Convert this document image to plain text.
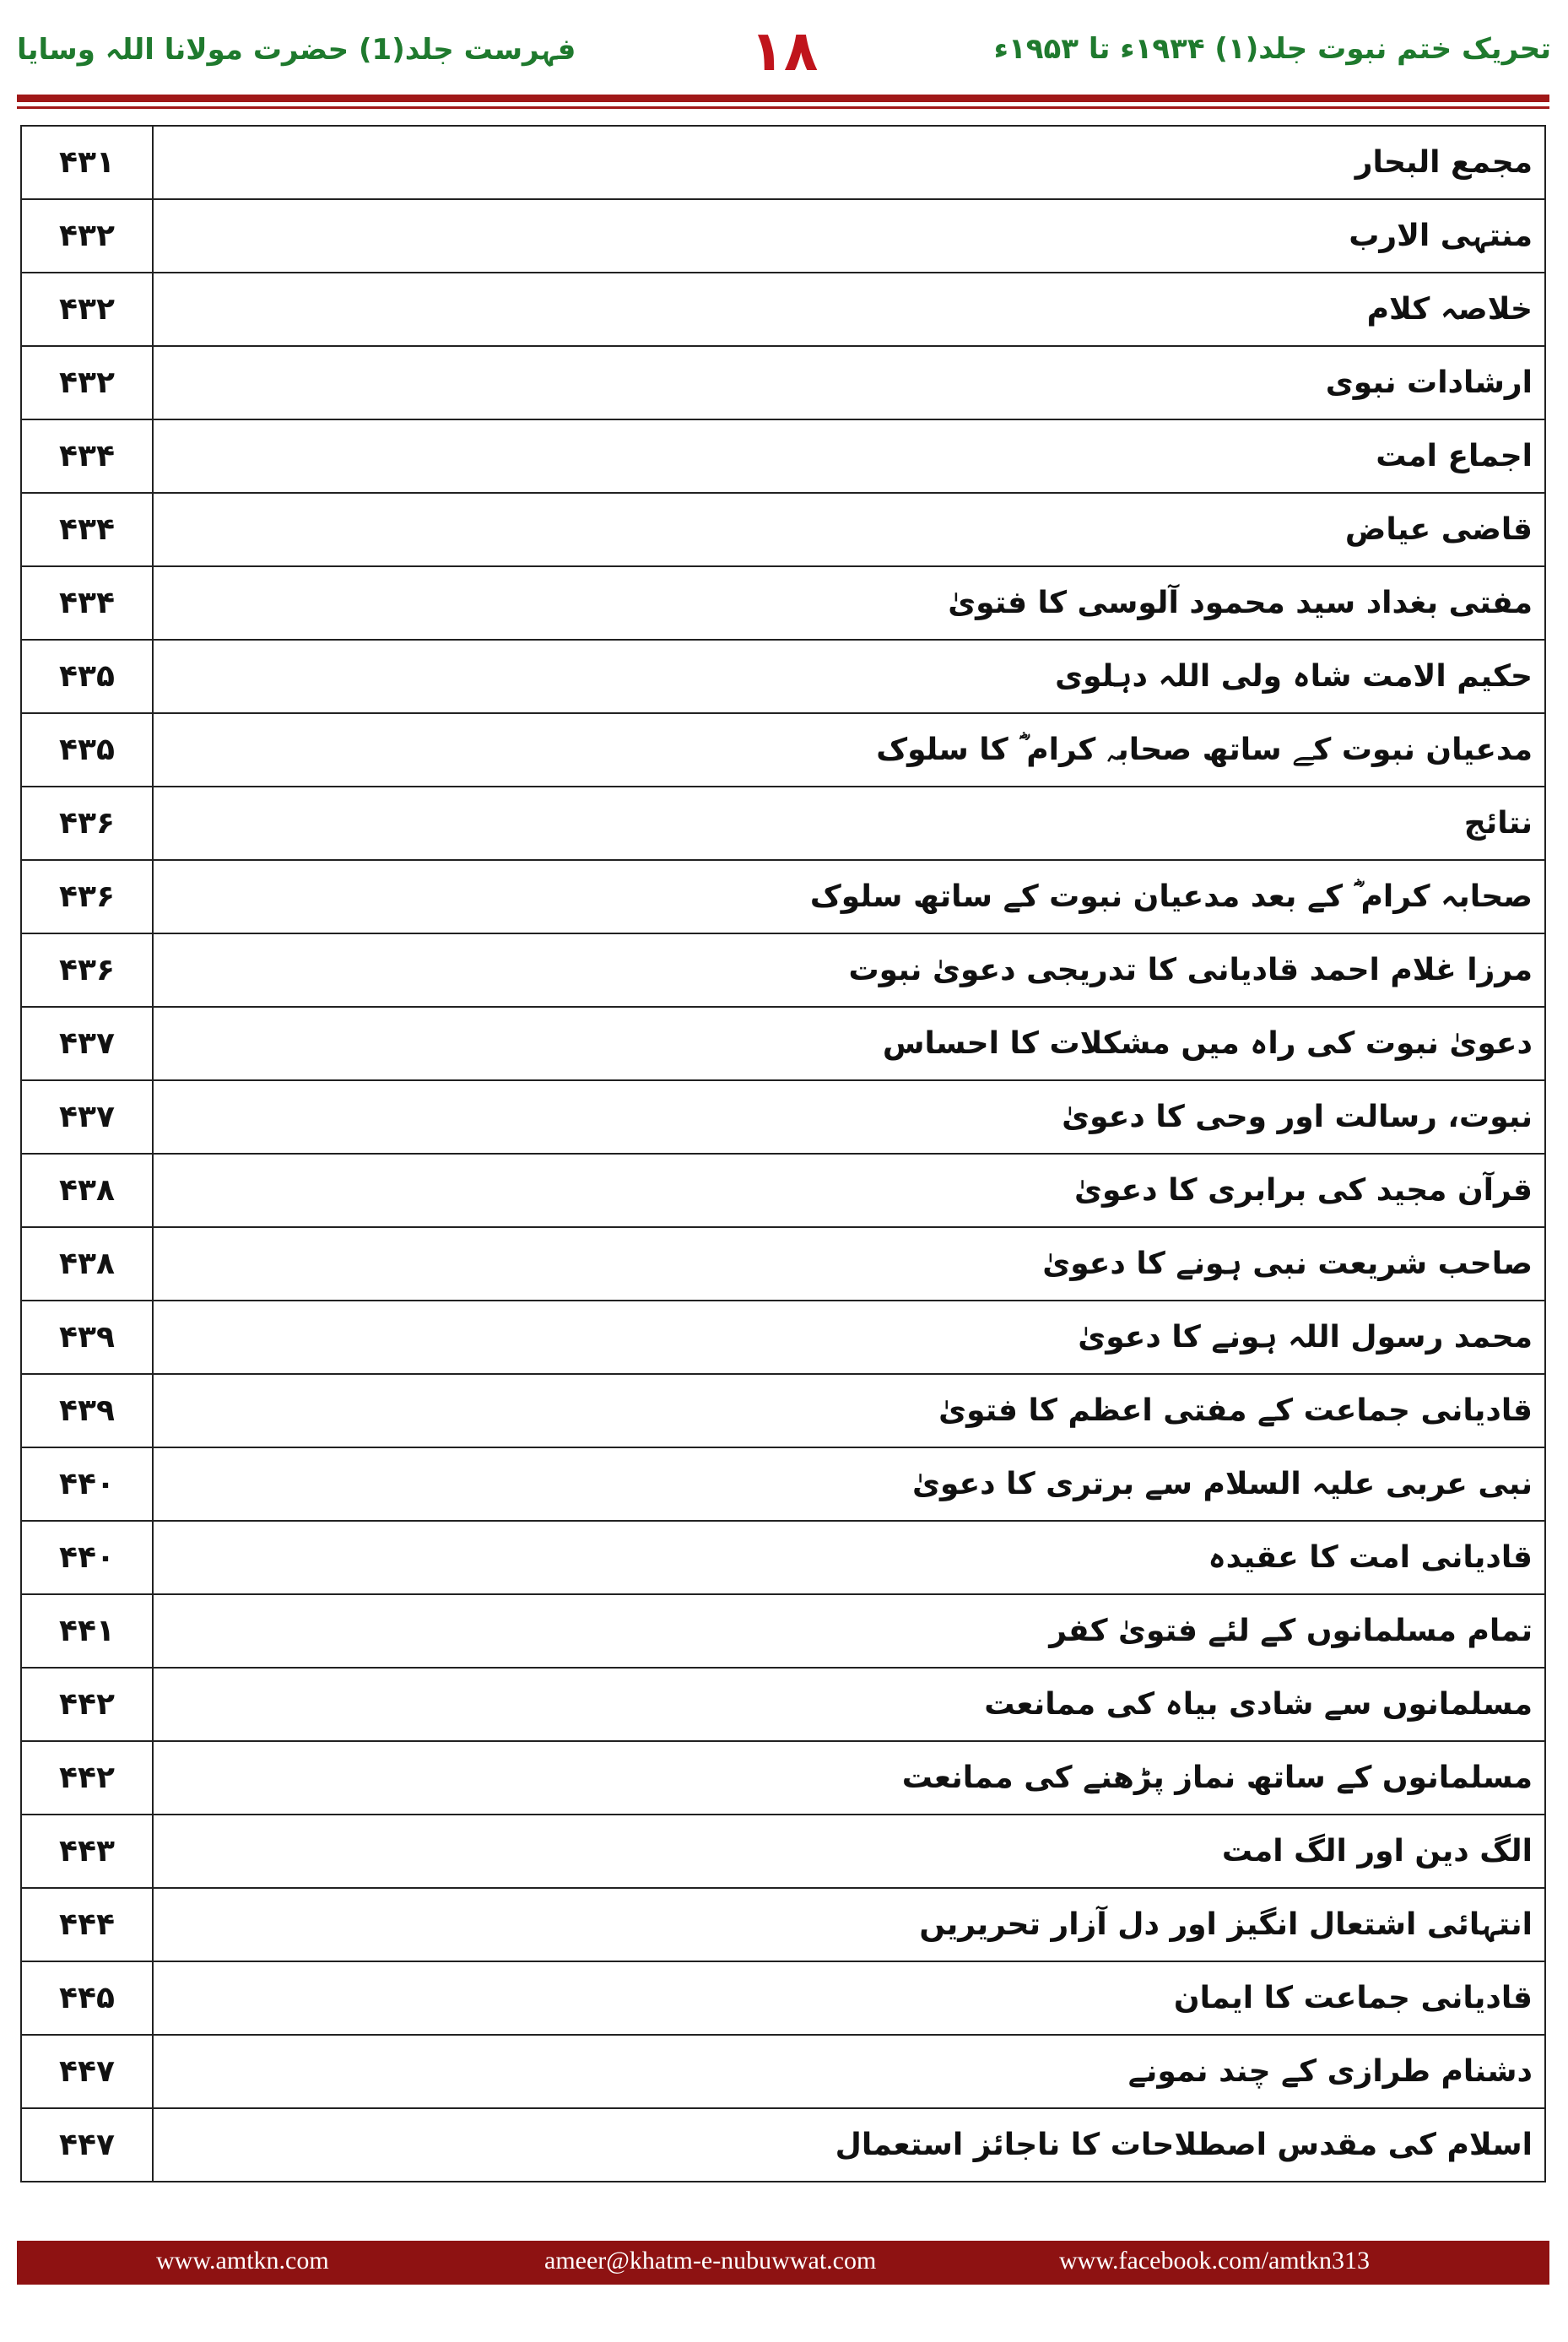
فہرست جلد(1) حضرت مولانا اللہ وسایا	۱۸	تحریک ختم نبوت جلد(۱) ۱۹۳۴ء تا ۱۹۵۳ء
۴۳۱	مجمع البحار
۴۳۲	منتہی الارب
۴۳۲	خلاصہ کلام
۴۳۲	ارشادات نبوی
۴۳۴	اجماع امت
۴۳۴	قاضی عیاض
۴۳۴	مفتی بغداد سید محمود آلوسی کا فتویٰ
۴۳۵	حکیم الامت شاہ ولی اللہ دہلوی
۴۳۵	مدعیان نبوت کے ساتھ صحابہ کرام ؓ کا سلوک
۴۳۶	نتائج
۴۳۶	صحابہ کرام ؓ کے بعد مدعیان نبوت کے ساتھ سلوک
۴۳۶	مرزا غلام احمد قادیانی کا تدریجی دعویٰ نبوت
۴۳۷	دعویٰ نبوت کی راہ میں مشکلات کا احساس
۴۳۷	نبوت، رسالت اور وحی کا دعویٰ
۴۳۸	قرآن مجید کی برابری کا دعویٰ
۴۳۸	صاحب شریعت نبی ہونے کا دعویٰ
۴۳۹	محمد رسول اللہ ہونے کا دعویٰ
۴۳۹	قادیانی جماعت کے مفتی اعظم کا فتویٰ
۴۴۰	نبی عربی علیہ السلام سے برتری کا دعویٰ
۴۴۰	قادیانی امت کا عقیدہ
۴۴۱	تمام مسلمانوں کے لئے فتویٰ کفر
۴۴۲	مسلمانوں سے شادی بیاہ کی ممانعت
۴۴۲	مسلمانوں کے ساتھ نماز پڑھنے کی ممانعت
۴۴۳	الگ دین اور الگ امت
۴۴۴	انتہائی اشتعال انگیز اور دل آزار تحریریں
۴۴۵	قادیانی جماعت کا ایمان
۴۴۷	دشنام طرازی کے چند نمونے
۴۴۷	اسلام کی مقدس اصطلاحات کا ناجائز استعمال
www.amtkn.com	ameer@khatm-e-nubuwwat.com	www.facebook.com/amtkn313
